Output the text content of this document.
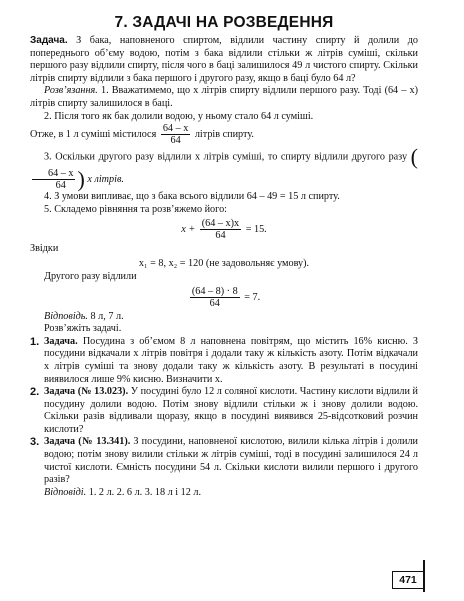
7. ЗАДАЧІ НА РОЗВЕДЕННЯ

Задача. З бака, наповненого спиртом, відлили частину спирту й долили до попереднього об’єму водою, потім з бака відлили стільки ж літрів суміші, скільки першого разу відлили спирту, після чого в баці залишилося 49 л чистого спирту. Скільки літрів спирту відлили з бака першого і другого разу, якщо в баці було 64 л?

Розв’язання. 1. Вважатимемо, що x літрів спирту відлили першого разу. Тоді (64 – x) літрів спирту залишилося в баці.

2. Після того як бак долили водою, у ньому стало 64 л суміші.

Отже, в 1 л суміші містилося $\frac{64 - x}{64}$ літрів спирту.

3. Оскільки другого разу відлили x літрів суміші, то спирту відлили другого разу (
$\frac{64 - x}{64}$ ) x літрів.

4. З умови випливає, що з бака всього відлили 64 – 49 = 15 л спирту.

5. Складемо рівняння та розв’яжемо його:

$x + \frac{(64 - x)x}{64} = 15$.

Звідки

x₁ = 8, x₂ = 120 (не задовольняє умову).

Другого разу відлили

$\frac{(64 - 8) \cdot 8}{64} = 7$.

Відповідь. 8 л, 7 л.

Розв’яжіть задачі.

1. Задача. Посудина з об’ємом 8 л наповнена повітрям, що містить 16% кисню. З посудини відкачали x літрів повітря і додали таку ж кількість азоту. Потім відкачали x літрів суміші та знову додали таку ж кількість азоту. В результаті в посудині виявилося лише 9% кисню. Визначити x.

2. Задача (№ 13.023). У посудині було 12 л соляної кислоти. Частину кислоти відлили й посудину долили водою. Потім знову відлили стільки ж і знову долили водою. Скільки разів відливали щоразу, якщо в посудині виявився 25-відсотковий розчин кислоти?

3. Задача (№ 13.341). З посудини, наповненої кислотою, вилили кілька літрів і долили водою; потім знову вилили стільки ж літрів суміші, тоді в посудині залишилося 24 л чистої кислоти. Ємність посудини 54 л. Скільки кислоти вилили першого і другого разів?

Відповіді. 1. 2 л. 2. 6 л. 3. 18 л і 12 л.

471
